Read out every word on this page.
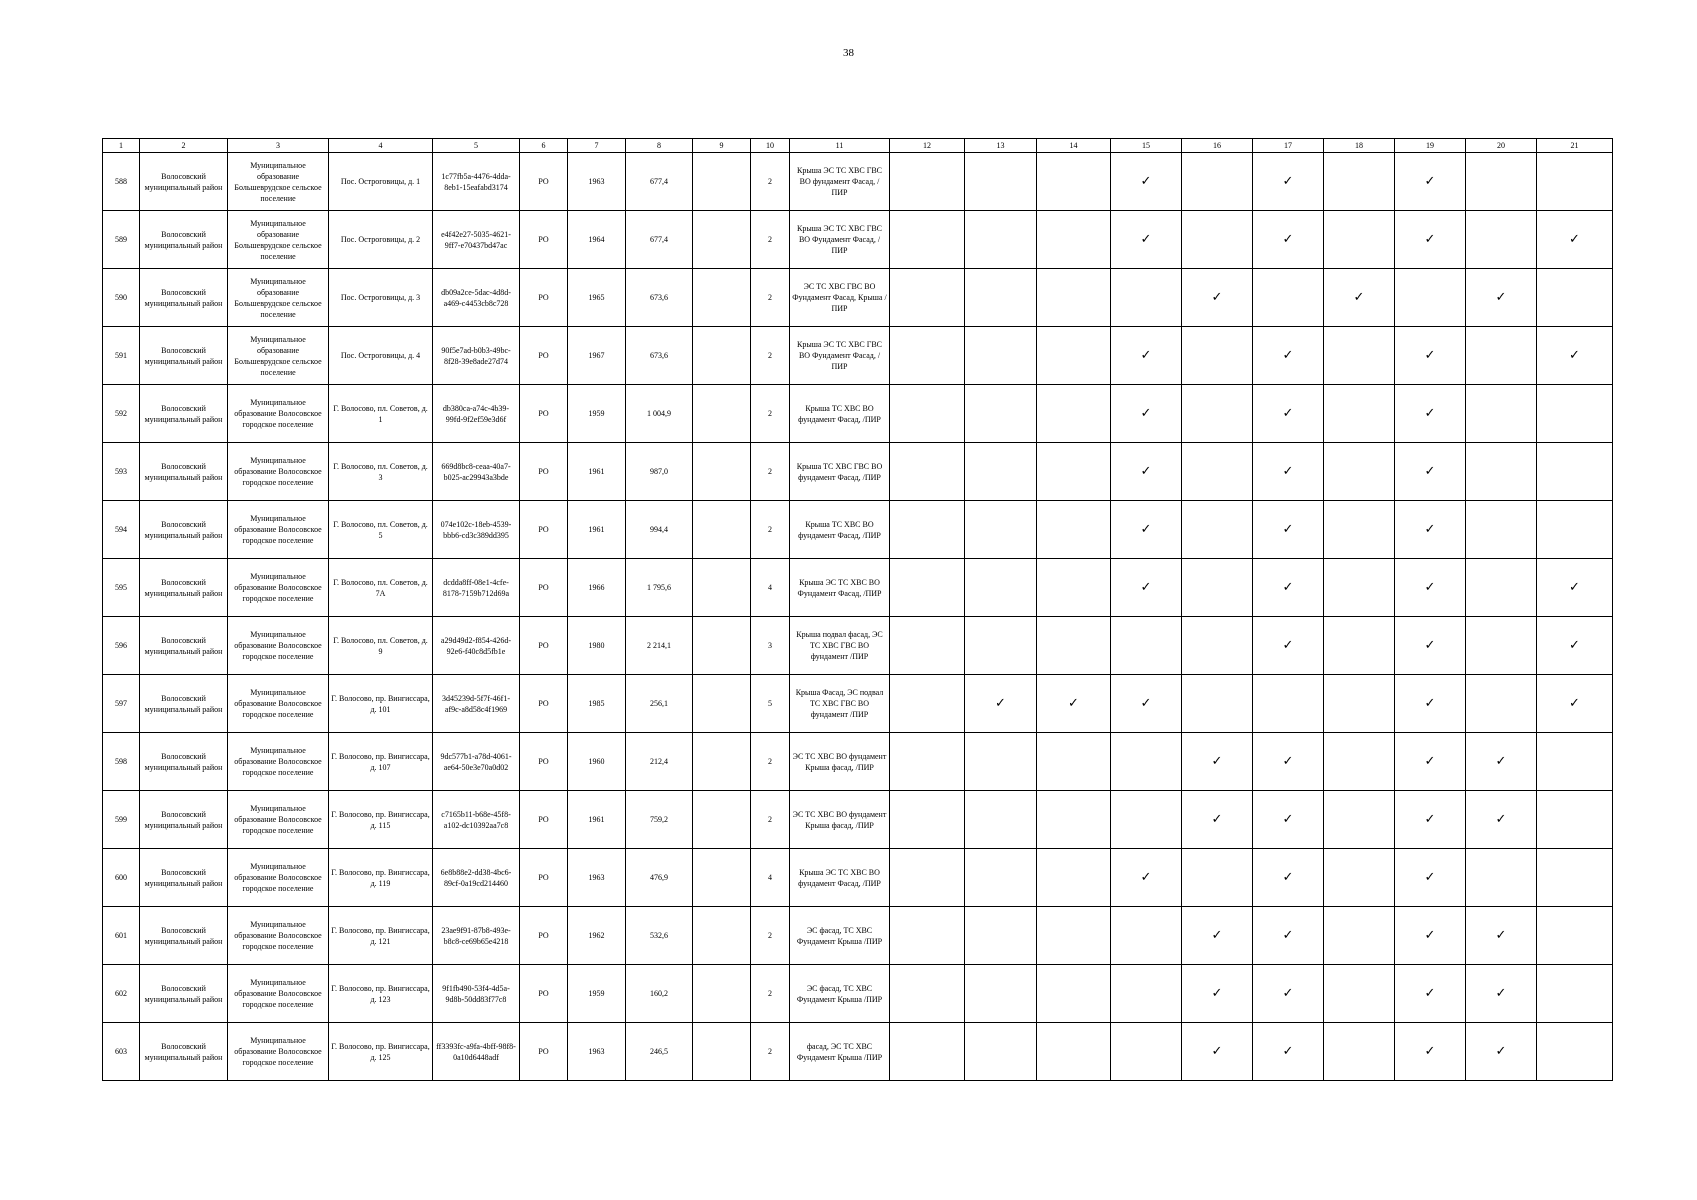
38
1	2	3	4	5	6	7	8	9	10	11	12	13	14	15	16	17	18	19	20	21
588	Волосовский муниципальный район	Муниципальное образование Большеврудское сельское поселение	Пос. Остроговицы, д. 1	1c77fb5a-4476-4dda-8eb1-15eafabd3174	РО	1963	677,4		2	Крыша ЭС ТС ХВС ГВС ВО фундамент Фасад, /ПИР				✓		✓		✓		
589	Волосовский муниципальный район	Муниципальное образование Большеврудское сельское поселение	Пос. Остроговицы, д. 2	e4f42e27-5035-4621-9ff7-e70437bd47ac	РО	1964	677,4		2	Крыша ЭС ТС ХВС ГВС ВО Фундамент Фасад, /ПИР				✓		✓		✓		✓
590	Волосовский муниципальный район	Муниципальное образование Большеврудское сельское поселение	Пос. Остроговицы, д. 3	db09a2ce-5dac-4d8d-a469-c4453cb8c728	РО	1965	673,6		2	ЭС ТС ХВС ГВС ВО Фундамент Фасад, Крыша /ПИР					✓		✓		✓	
591	Волосовский муниципальный район	Муниципальное образование Большеврудское сельское поселение	Пос. Остроговицы, д. 4	90f5e7ad-b0b3-49bc-8f28-39e8ade27d74	РО	1967	673,6		2	Крыша ЭС ТС ХВС ГВС ВО Фундамент Фасад, /ПИР				✓		✓		✓		✓
592	Волосовский муниципальный район	Муниципальное образование Волосовское городское поселение	Г. Волосово, пл. Советов, д. 1	db380ca-a74c-4b39-99fd-9f2ef59e3d6f	РО	1959	1 004,9		2	Крыша ТС ХВС ВО фундамент Фасад, /ПИР				✓		✓		✓		
593	Волосовский муниципальный район	Муниципальное образование Волосовское городское поселение	Г. Волосово, пл. Советов, д. 3	669d8bc8-ceaa-40a7-b025-ac29943a3bde	РО	1961	987,0		2	Крыша ТС ХВС ГВС ВО фундамент Фасад, /ПИР				✓		✓		✓		
594	Волосовский муниципальный район	Муниципальное образование Волосовское городское поселение	Г. Волосово, пл. Советов, д. 5	074e102c-18eb-4539-bbb6-cd3c389dd395	РО	1961	994,4		2	Крыша ТС ХВС ВО фундамент Фасад, /ПИР				✓		✓		✓		
595	Волосовский муниципальный район	Муниципальное образование Волосовское городское поселение	Г. Волосово, пл. Советов, д. 7А	dcdda8ff-08e1-4cfe-8178-7159b712d69a	РО	1966	1 795,6		4	Крыша ЭС ТС ХВС ВО Фундамент Фасад, /ПИР				✓		✓		✓		✓
596	Волосовский муниципальный район	Муниципальное образование Волосовское городское поселение	Г. Волосово, пл. Советов, д. 9	a29d49d2-f854-426d-92e6-f40c8d5fb1e	РО	1980	2 214,1		3	Крыша подвал фасад, ЭС ТС ХВС ГВС ВО фундамент /ПИР						✓		✓		✓
597	Волосовский муниципальный район	Муниципальное образование Волосовское городское поселение	Г. Волосово, пр. Вингиссара, д. 101	3d45239d-5f7f-46f1-af9c-a8d58c4f1969	РО	1985	256,1		5	Крыша Фасад, ЭС подвал ТС ХВС ГВС ВО фундамент /ПИР		✓	✓	✓				✓		✓
598	Волосовский муниципальный район	Муниципальное образование Волосовское городское поселение	Г. Волосово, пр. Вингиссара, д. 107	9dc577b1-a78d-4061-ae64-50e3e70a0d02	РО	1960	212,4		2	ЭС ТС ХВС ВО фундамент Крыша фасад, /ПИР					✓	✓		✓	✓	
599	Волосовский муниципальный район	Муниципальное образование Волосовское городское поселение	Г. Волосово, пр. Вингиссара, д. 115	c7165b11-b68e-45f8-a102-dc10392aa7c8	РО	1961	759,2		2	ЭС ТС ХВС ВО фундамент Крыша фасад, /ПИР					✓	✓		✓	✓	
600	Волосовский муниципальный район	Муниципальное образование Волосовское городское поселение	Г. Волосово, пр. Вингиссара, д. 119	6e8b88e2-dd38-4bc6-89cf-0a19cd214460	РО	1963	476,9		4	Крыша ЭС ТС ХВС ВО фундамент Фасад, /ПИР				✓		✓		✓		
601	Волосовский муниципальный район	Муниципальное образование Волосовское городское поселение	Г. Волосово, пр. Вингиссара, д. 121	23ae9f91-87b8-493e-b8c8-ce69b65e4218	РО	1962	532,6		2	ЭС фасад, ТС ХВС Фундамент Крыша /ПИР					✓	✓		✓	✓	
602	Волосовский муниципальный район	Муниципальное образование Волосовское городское поселение	Г. Волосово, пр. Вингиссара, д. 123	9f1fb490-53f4-4d5a-9d8b-50dd83f77c8	РО	1959	160,2		2	ЭС фасад, ТС ХВС Фундамент Крыша /ПИР					✓	✓		✓	✓	
603	Волосовский муниципальный район	Муниципальное образование Волосовское городское поселение	Г. Волосово, пр. Вингиссара, д. 125	ff3393fc-a9fa-4bff-98f8-0a10d6448adf	РО	1963	246,5		2	фасад, ЭС ТС ХВС Фундамент Крыша /ПИР					✓	✓		✓	✓	
